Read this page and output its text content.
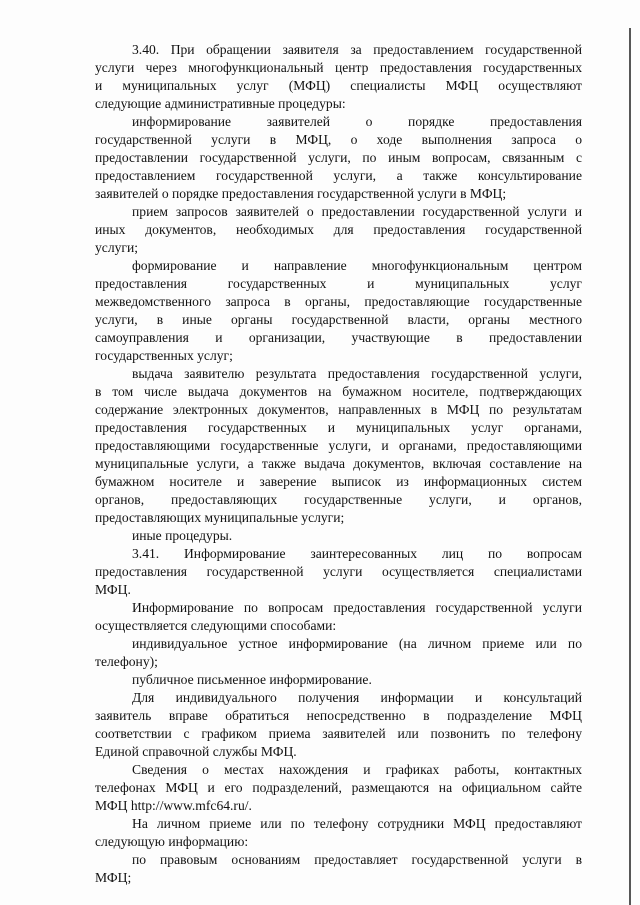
3.40. При обращении заявителя за предоставлением государственной
услуги через многофункциональный центр предоставления государственных
и муниципальных услуг (МФЦ) специалисты МФЦ осуществляют
следующие административные процедуры:
информирование заявителей о порядке предоставления
государственной услуги в МФЦ, о ходе выполнения запроса о
предоставлении государственной услуги, по иным вопросам, связанным с
предоставлением государственной услуги, а также консультирование
заявителей о порядке предоставления государственной услуги в МФЦ;
прием запросов заявителей о предоставлении государственной услуги и
иных документов, необходимых для предоставления государственной
услуги;
формирование и направление многофункциональным центром
предоставления государственных и муниципальных услуг
межведомственного запроса в органы, предоставляющие государственные
услуги, в иные органы государственной власти, органы местного
самоуправления и организации, участвующие в предоставлении
государственных услуг;
выдача заявителю результата предоставления государственной услуги,
в том числе выдача документов на бумажном носителе, подтверждающих
содержание электронных документов, направленных в МФЦ по результатам
предоставления государственных и муниципальных услуг органами,
предоставляющими государственные услуги, и органами, предоставляющими
муниципальные услуги, а также выдача документов, включая составление на
бумажном носителе и заверение выписок из информационных систем
органов, предоставляющих государственные услуги, и органов,
предоставляющих муниципальные услуги;
иные процедуры.
3.41. Информирование заинтересованных лиц по вопросам
предоставления государственной услуги осуществляется специалистами
МФЦ.
Информирование по вопросам предоставления государственной услуги
осуществляется следующими способами:
индивидуальное устное информирование (на личном приеме или по
телефону);
публичное письменное информирование.
Для индивидуального получения информации и консультаций
заявитель вправе обратиться непосредственно в подразделение МФЦ
соответствии с графиком приема заявителей или позвонить по телефону
Единой справочной службы МФЦ.
Сведения о местах нахождения и графиках работы, контактных
телефонах МФЦ и его подразделений, размещаются на официальном сайте
МФЦ http://www.mfc64.ru/.
На личном приеме или по телефону сотрудники МФЦ предоставляют
следующую информацию:
по правовым основаниям предоставляет государственной услуги в
МФЦ;
